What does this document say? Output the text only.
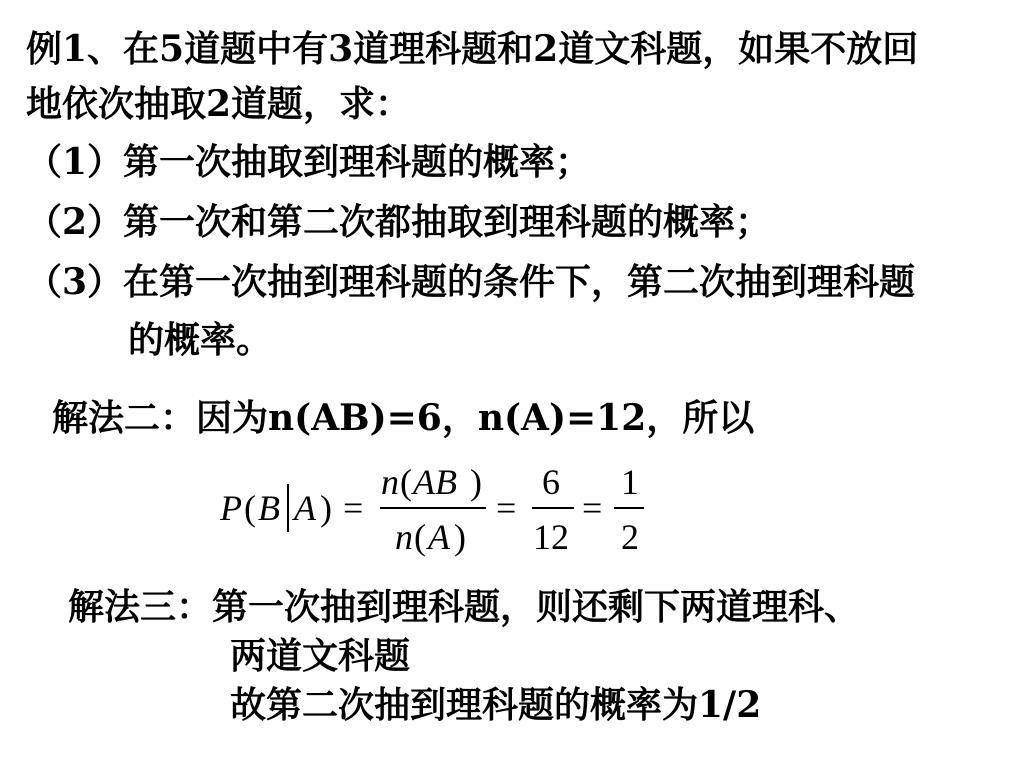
例1、在5道题中有3道理科题和2道文科题，如果不放回
地依次抽取2道题，求：
（1）第一次抽取到理科题的概率；
（2）第一次和第二次都抽取到理科题的概率；
（3）在第一次抽到理科题的条件下，第二次抽到理科题
的概率。
解法二：因为n(AB)=6，n(A)=12，所以
P ( B A ) =
n ( AB )
n ( A )
=
6
12
=
1
2
解法三：第一次抽到理科题，则还剩下两道理科、
两道文科题
故第二次抽到理科题的概率为1/2
